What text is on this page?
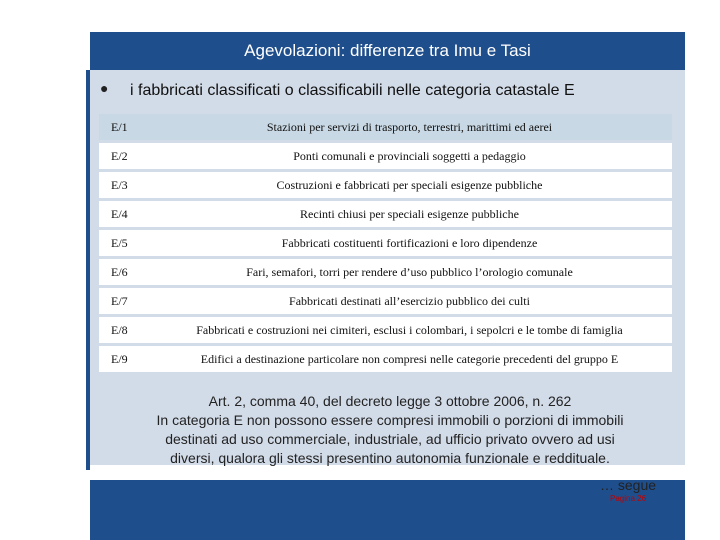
Agevolazioni: differenze tra Imu e Tasi
●	i fabbricati classificati o classificabili nelle categoria catastale E
E/1	Stazioni per servizi di trasporto, terrestri, marittimi ed aerei
E/2	Ponti comunali e provinciali soggetti a pedaggio
E/3	Costruzioni e fabbricati per speciali esigenze pubbliche
E/4	Recinti chiusi per speciali esigenze pubbliche
E/5	Fabbricati costituenti fortificazioni e loro dipendenze
E/6	Fari, semafori, torri per rendere d’uso pubblico l’orologio comunale
E/7	Fabbricati destinati all’esercizio pubblico dei culti
E/8	Fabbricati e costruzioni nei cimiteri, esclusi i colombari, i sepolcri e le tombe di famiglia
E/9	Edifici a destinazione particolare non compresi nelle categorie precedenti del gruppo E
Art. 2, comma 40, del decreto legge 3 ottobre 2006, n. 262
In categoria E non possono essere compresi immobili o porzioni di immobili
destinati ad uso commerciale, industriale, ad ufficio privato ovvero ad usi
diversi, qualora gli stessi presentino autonomia funzionale e reddituale.
… segue
Pagina 26
